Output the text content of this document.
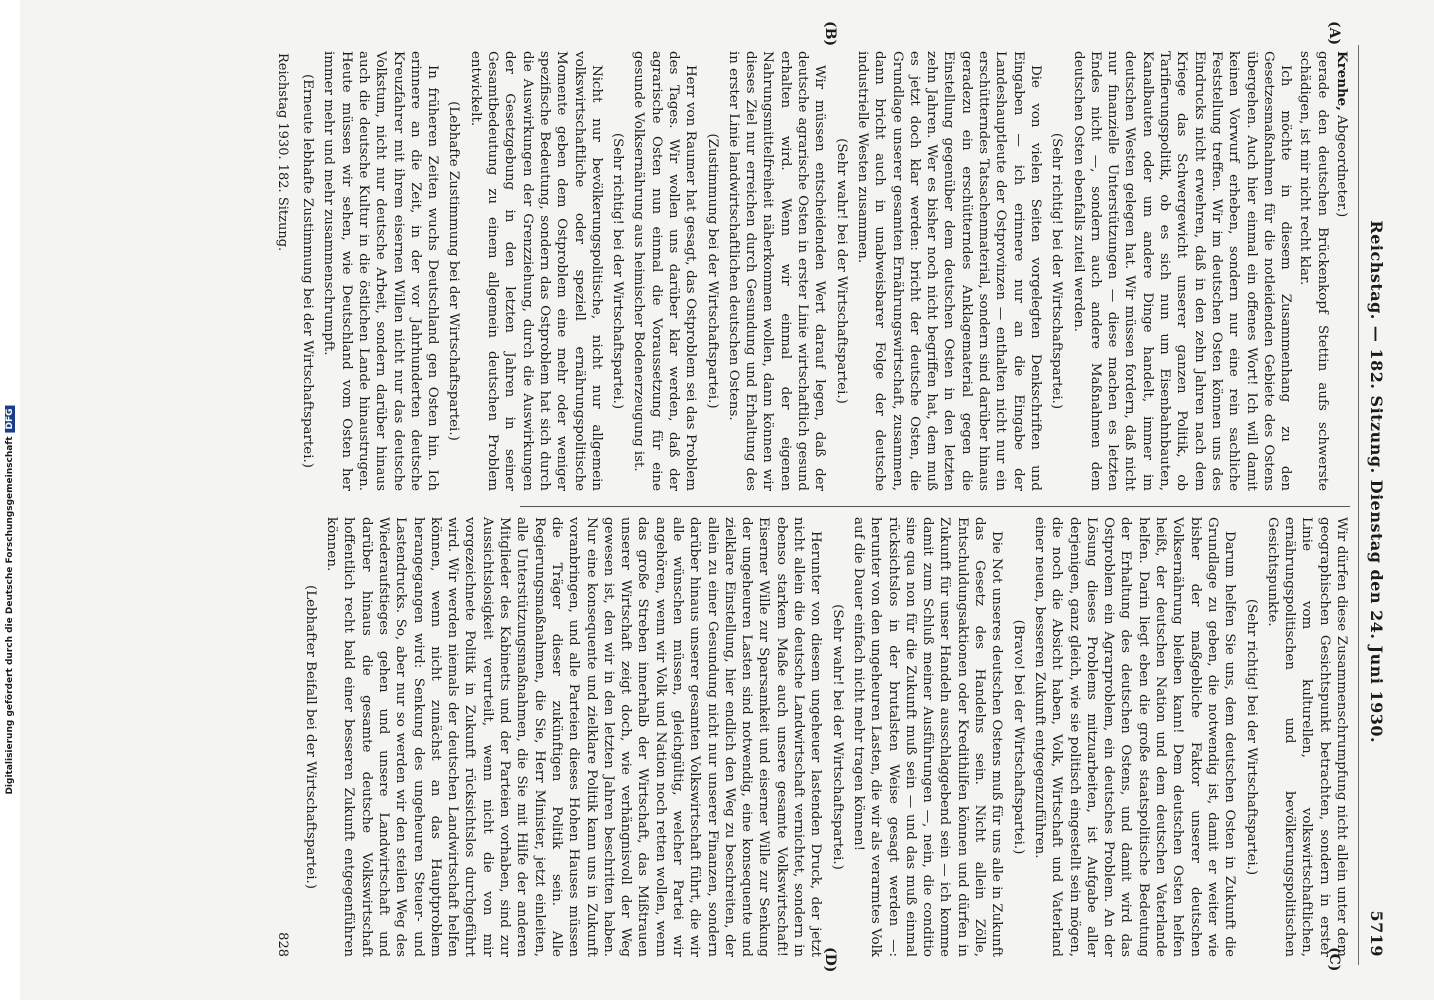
Digitalisierung gefördert durch die Deutsche ForschungsgemeinschaftDFG	Reichstag. — 182. Sitzung. Dienstag den 24. Juni 1930.
5719
(A)
(B)
(C)
(D)

Krenhe, Abgeordneter.)

gerade den deutschen Brückenkopf Stettin aufs schwerste schädigen, ist mir nicht recht klar.

Ich möchte in diesem Zusammenhang zu den Gesetzesmaßnahmen für die notleidenden Gebiete des Ostens übergehen. Auch hier einmal ein offenes Wort! Ich will damit keinen Vorwurf erheben, sondern nur eine rein sachliche Feststellung treffen. Wir im deutschen Osten können uns des Eindrucks nicht erwehren, daß in den zehn Jahren nach dem Kriege das Schwergewicht unserer ganzen Politik, ob Tarifierungspolitik, ob es sich nun um Eisenbahnbauten, Kanalbauten oder um andere Dinge handelt, immer im deutschen Westen gelegen hat. Wir müssen fordern, daß nicht nur finanzielle Unterstützungen — diese machen es letzten Endes nicht —, sondern auch andere Maßnahmen dem deutschen Osten ebenfalls zuteil werden.

(Sehr richtig! bei der Wirtschaftspartei.)

Die von vielen Seiten vorgelegten Denkschriften und Eingaben — ich erinnere nur an die Eingabe der Landeshauptleute der Ostprovinzen — enthalten nicht nur ein erschütterndes Tatsachenmaterial, sondern sind darüber hinaus geradezu ein erschütterndes Anklagematerial gegen die Einstellung gegenüber dem deutschen Osten in den letzten zehn Jahren. Wer es bisher noch nicht begriffen hat, dem muß es jetzt doch klar werden: bricht der deutsche Osten, die Grundlage unserer gesamten Ernährungswirtschaft, zusammen, dann bricht auch in unabweisbarer Folge der deutsche industrielle Westen zusammen.

(Sehr wahr! bei der Wirtschaftspartei.)

Wir müssen entscheidenden Wert darauf legen, daß der deutsche agrarische Osten in erster Linie wirtschaftlich gesund erhalten wird. Wenn wir einmal der eigenen Nahrungsmittelfreiheit näherkommen wollen, dann können wir dieses Ziel nur erreichen durch Gesundung und Erhaltung des in erster Linie landwirtschaftlichen deutschen Ostens.

(Zustimmung bei der Wirtschaftspartei.)

Herr von Raumer hat gesagt, das Ostproblem sei das Problem des Tages. Wir wollen uns darüber klar werden, daß der agrarische Osten nun einmal die Voraussetzung für eine gesunde Volksernährung aus heimischer Bodenerzeugung ist.

(Sehr richtig! bei der Wirtschaftspartei.)

Nicht nur bevölkerungspolitische, nicht nur allgemein volkswirtschaftliche oder speziell ernährungspolitische Momente geben dem Ostproblem eine mehr oder weniger spezifische Bedeutung, sondern das Ostproblem hat sich durch die Auswirkungen der Grenzziehung, durch die Auswirkungen der Gesetzgebung in den letzten Jahren in seiner Gesamtbedeutung zu einem allgemein deutschen Problem entwickelt.

(Lebhafte Zustimmung bei der Wirtschaftspartei.)

In früheren Zeiten wuchs Deutschland gen Osten hin. Ich erinnere an die Zeit, in der vor Jahrhunderten deutsche Kreuzfahrer mit ihrem eisernen Willen nicht nur das deutsche Volkstum, nicht nur deutsche Arbeit, sondern darüber hinaus auch die deutsche Kultur in die östlichen Lande hinaustrugen. Heute müssen wir sehen, wie Deutschland vom Osten her immer mehr und mehr zusammenschrumpft.

(Erneute lebhafte Zustimmung bei der Wirtschaftspartei.)

Wir dürfen diese Zusammenschrumpfung nicht allein unter dem geographischen Gesichtspunkt betrachten, sondern in erster Linie vom kulturellen, volkswirtschaftlichen, ernährungspolitischen und bevölkerungspolitischen Gesichtspunkte.

(Sehr richtig! bei der Wirtschaftspartei.)

Darum helfen Sie uns, dem deutschen Osten in Zukunft die Grundlage zu geben, die notwendig ist, damit er weiter wie bisher der maßgebliche Faktor unserer deutschen Volksernährung bleiben kann! Dem deutschen Osten helfen heißt, der deutschen Nation und dem deutschen Vaterlande helfen. Darin liegt eben die große staatspolitische Bedeutung der Erhaltung des deutschen Ostens, und damit wird das Ostproblem ein Agrarproblem, ein deutsches Problem. An der Lösung dieses Problems mitzuarbeiten, ist Aufgabe aller derjenigen, ganz gleich, wie sie politisch eingestellt sein mögen, die noch die Absicht haben, Volk, Wirtschaft und Vaterland einer neuen, besseren Zukunft entgegenzuführen.

(Bravo! bei der Wirtschaftspartei.)

Die Not unseres deutschen Ostens muß für uns alle in Zukunft das Gesetz des Handelns sein. Nicht allein Zölle, Entschuldungsaktionen oder Kredithilfen können und dürfen in Zukunft für unser Handeln ausschlaggebend sein — ich komme damit zum Schluß meiner Ausführungen —, nein, die conditio sine qua non für die Zukunft muß sein — und das muß einmal rücksichtslos in der brutalsten Weise gesagt werden —: herunter von den ungeheuren Lasten, die wir als verarmtes Volk auf die Dauer einfach nicht mehr tragen können!

(Sehr wahr! bei der Wirtschaftspartei.)

Herunter von diesem ungeheuer lastenden Druck, der jetzt nicht allein die deutsche Landwirtschaft vernichtet, sondern in ebenso starkem Maße auch unsere gesamte Volkswirtschaft! Eiserner Wille zur Sparsamkeit und eiserner Wille zur Senkung der ungeheuren Lasten sind notwendig, eine konsequente und zielklare Einstellung, hier endlich den Weg zu beschreiten, der allein zu einer Gesundung nicht nur unserer Finanzen, sondern darüber hinaus unserer gesamten Volkswirtschaft führt, die wir alle wünschen müssen, gleichgültig, welcher Partei wir angehören, wenn wir Volk und Nation noch retten wollen, wenn das große Streben innerhalb der Wirtschaft, das Mißtrauen unserer Wirtschaft zeigt doch, wie verhängnisvoll der Weg gewesen ist, den wir in den letzten Jahren beschritten haben. Nur eine konsequente und zielklare Politik kann uns in Zukunft voranbringen, und alle Parteien dieses Hohen Hauses müssen die Träger dieser zukünftigen Politik sein. Alle Regierungsmaßnahmen, die Sie, Herr Minister, jetzt einleiten, alle Unterstützungsmaßnahmen, die Sie mit Hilfe der anderen Mitglieder des Kabinetts und der Parteien vorhaben, sind zur Aussichtslosigkeit verurteilt, wenn nicht die von mir vorgezeichnete Politik in Zukunft rücksichtslos durchgeführt wird. Wir werden niemals der deutschen Landwirtschaft helfen können, wenn nicht zunächst an das Hauptproblem herangegangen wird: Senkung des ungeheuren Steuer- und Lastendrucks. So, aber nur so werden wir den steilen Weg des Wiederaufstieges gehen und unsere Landwirtschaft und darüber hinaus die gesamte deutsche Volkswirtschaft hoffentlich recht bald einer besseren Zukunft entgegenführen können.

(Lebhafter Beifall bei der Wirtschaftspartei.)

Reichstag 1930. 182. Sitzung.
828
